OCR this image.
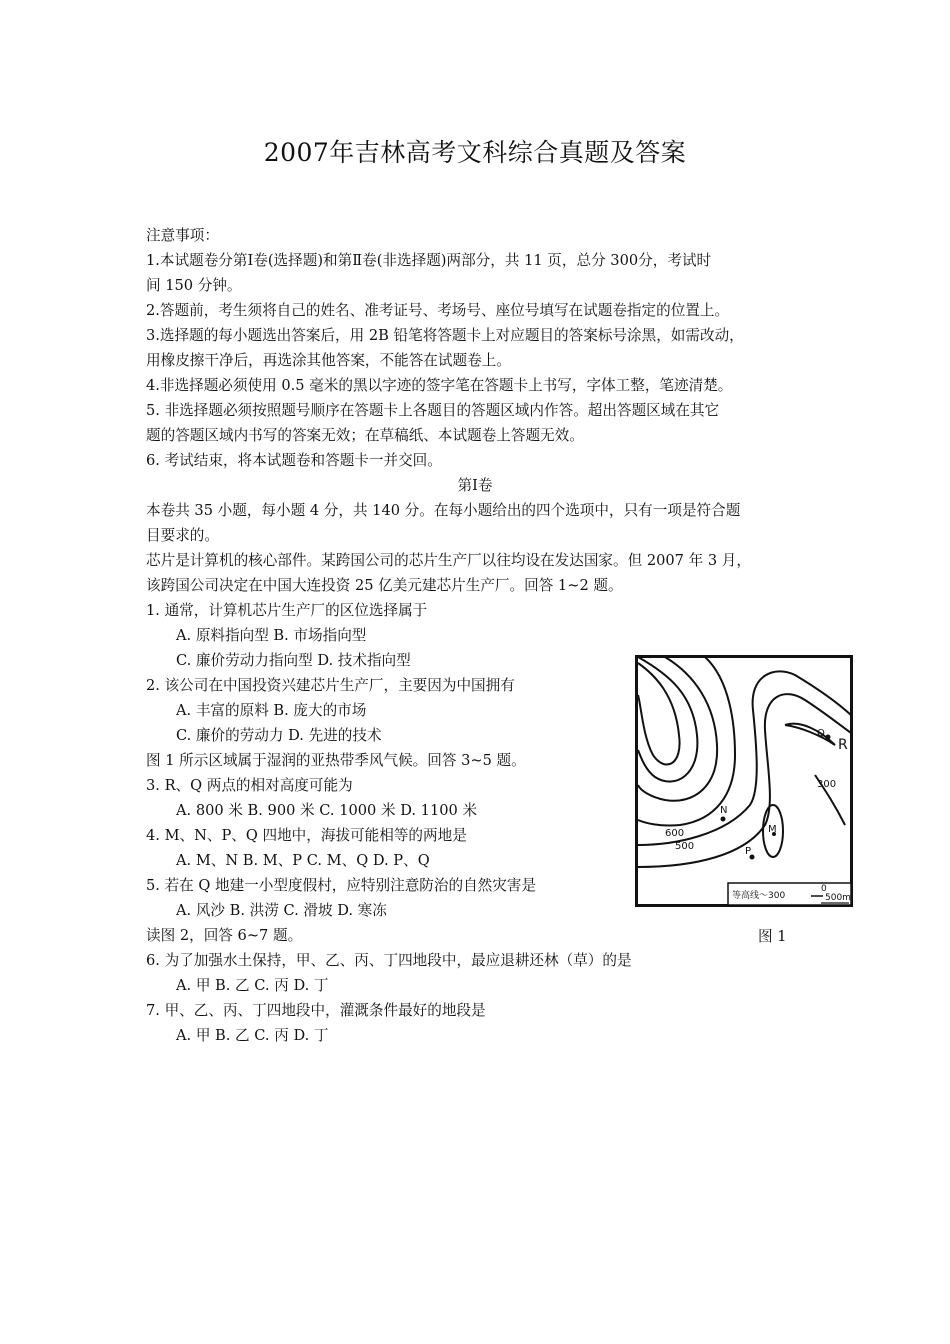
2007年吉林高考文科综合真题及答案
注意事项：
1.本试题卷分第Ⅰ卷(选择题)和第Ⅱ卷(非选择题)两部分，共 11 页，总分 300分，考试时
间 150 分钟。
2.答题前，考生须将自己的姓名、准考证号、考场号、座位号填写在试题卷指定的位置上。
3.选择题的每小题选出答案后，用 2B 铅笔将答题卡上对应题目的答案标号涂黑，如需改动，
用橡皮擦干净后，再选涂其他答案，不能答在试题卷上。
4.非选择题必须使用 0.5 毫米的黑以字迹的签字笔在答题卡上书写，字体工整，笔迹清楚。
5. 非选择题必须按照题号顺序在答题卡上各题目的答题区域内作答。超出答题区域在其它
题的答题区域内书写的答案无效；在草稿纸、本试题卷上答题无效。
6. 考试结束，将本试题卷和答题卡一并交回。
第Ⅰ卷
本卷共 35 小题，每小题 4 分，共 140 分。在每小题给出的四个选项中，只有一项是符合题
目要求的。
芯片是计算机的核心部件。某跨国公司的芯片生产厂以往均设在发达国家。但 2007 年 3 月，
该跨国公司决定在中国大连投资 25 亿美元建芯片生产厂。回答 1~2 题。
1. 通常，计算机芯片生产厂的区位选择属于
A. 原料指向型 B. 市场指向型
C. 廉价劳动力指向型 D. 技术指向型
2. 该公司在中国投资兴建芯片生产厂，主要因为中国拥有
A. 丰富的原料 B. 庞大的市场
C. 廉价的劳动力 D. 先进的技术
图 1 所示区域属于湿润的亚热带季风气候。回答 3~5 题。
3. R、Q 两点的相对高度可能为
A. 800 米 B. 900 米 C. 1000 米 D. 1100 米
4. M、N、P、Q 四地中，海拔可能相等的两地是
A. M、N B. M、P C. M、Q D. P、Q
5. 若在 Q 地建一小型度假村，应特别注意防治的自然灾害是
A. 风沙 B. 洪涝 C. 滑坡 D. 寒冻
读图 2，回答 6~7 题。	图 1
6. 为了加强水土保持，甲、乙、丙、丁四地段中，最应退耕还林（草）的是
A. 甲 B. 乙 C. 丙 D. 丁
7. 甲、乙、丙、丁四地段中，灌溉条件最好的地段是
A. 甲 B. 乙 C. 丙 D. 丁
Q
R
300
N
M
600
500	P
等高线～300
0
500m
